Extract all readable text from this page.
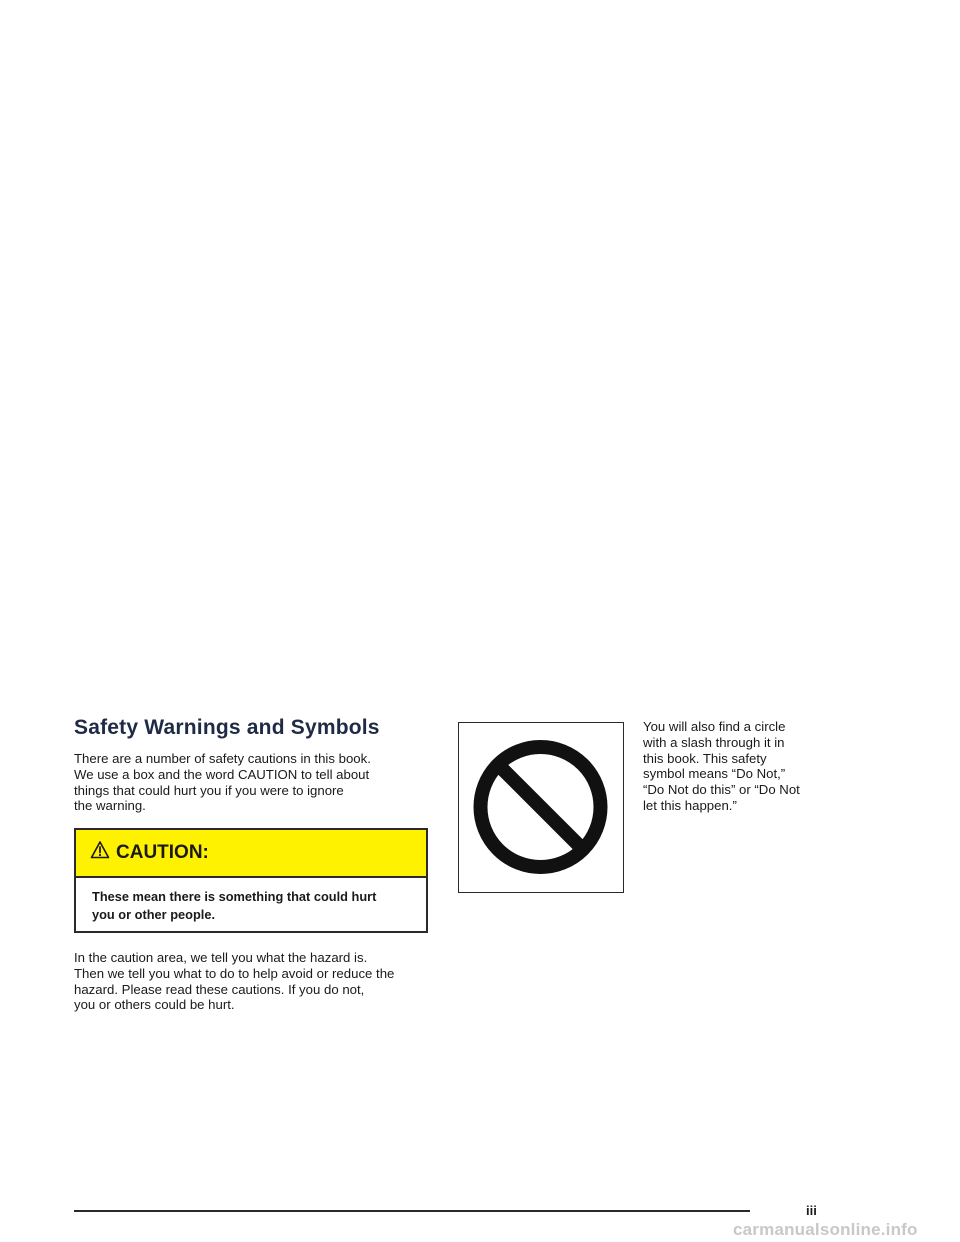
Safety Warnings and Symbols

There are a number of safety cautions in this book.
We use a box and the word CAUTION to tell about
things that could hurt you if you were to ignore
the warning.

CAUTION:

These mean there is something that could hurt
you or other people.

In the caution area, we tell you what the hazard is.
Then we tell you what to do to help avoid or reduce the
hazard. Please read these cautions. If you do not,
you or others could be hurt.

You will also find a circle
with a slash through it in
this book. This safety
symbol means “Do Not,”
“Do Not do this” or “Do Not
let this happen.”

iii
carmanualsonline.info
